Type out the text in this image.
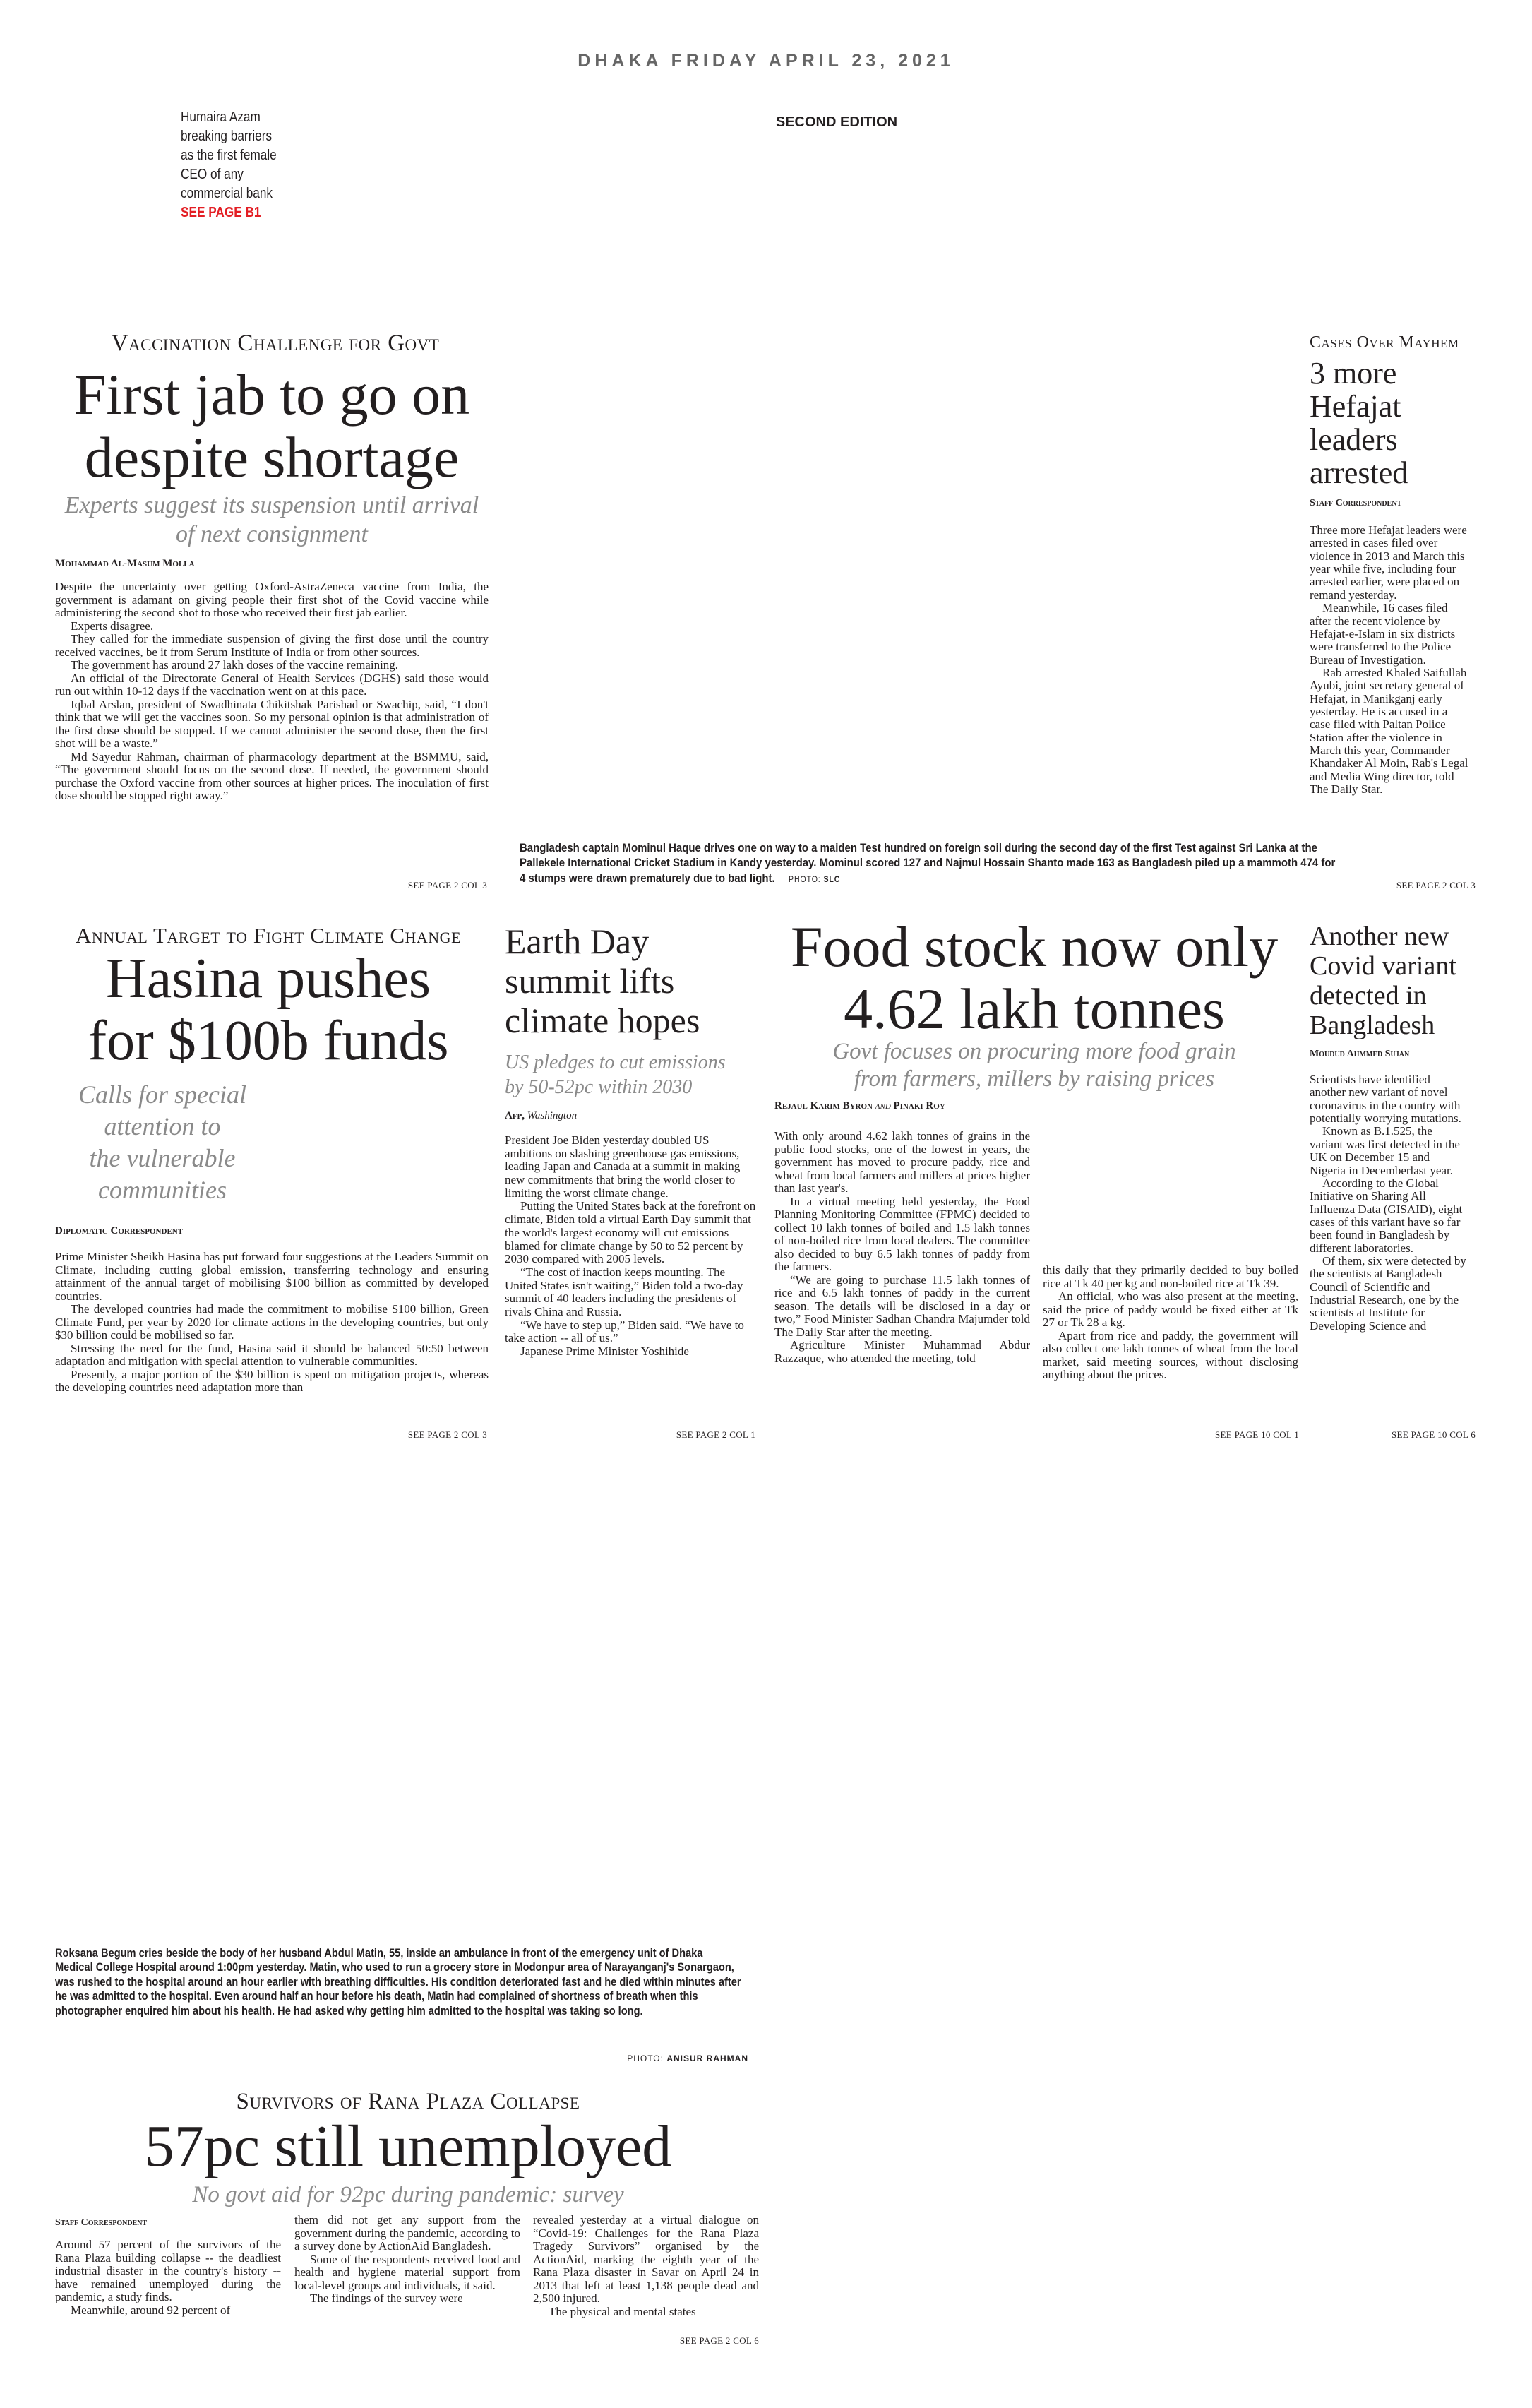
DHAKA FRIDAY APRIL 23, 2021
Humaira Azam
breaking barriers
as the first female
CEO of any
commercial bank
SEE PAGE B1
SECOND EDITION
Vaccination Challenge for Govt
First jab to go on
despite shortage
Experts suggest its suspension until arrival
of next consignment
Mohammad Al-Masum Molla

Despite the uncertainty over getting Oxford-AstraZeneca vaccine from India, the government is adamant on giving people their first shot of the Covid vaccine while administering the second shot to those who received their first jab earlier.

Experts disagree.

They called for the immediate suspension of giving the first dose until the country received vaccines, be it from Serum Institute of India or from other sources.

The government has around 27 lakh doses of the vaccine remaining.

An official of the Directorate General of Health Services (DGHS) said those would run out within 10-12 days if the vaccination went on at this pace.

Iqbal Arslan, president of Swadhinata Chikitshak Parishad or Swachip, said, “I don't think that we will get the vaccines soon. So my personal opinion is that administration of the first dose should be stopped. If we cannot administer the second dose, then the first shot will be a waste.”

Md Sayedur Rahman, chairman of pharmacology department at the BSMMU, said, “The government should focus on the second dose. If needed, the government should purchase the Oxford vaccine from other sources at higher prices. The inoculation of first dose should be stopped right away.”

SEE PAGE 2 COL 3
Bangladesh captain Mominul Haque drives one on way to a maiden Test hundred on foreign soil during the second day of the first Test against Sri Lanka at the Pallekele International Cricket Stadium in Kandy yesterday. Mominul scored 127 and Najmul Hossain Shanto made 163 as Bangladesh piled up a mammoth 474 for 4 stumps were drawn prematurely due to bad light. PHOTO: SLC
Cases Over Mayhem
3 more
Hefajat
leaders
arrested
Staff Correspondent

Three more Hefajat leaders were arrested in cases filed over violence in 2013 and March this year while five, including four arrested earlier, were placed on remand yesterday.

Meanwhile, 16 cases filed after the recent violence by Hefajat-e-Islam in six districts were transferred to the Police Bureau of Investigation.

Rab arrested Khaled Saifullah Ayubi, joint secretary general of Hefajat, in Manikganj early yesterday. He is accused in a case filed with Paltan Police Station after the violence in March this year, Commander Khandaker Al Moin, Rab's Legal and Media Wing director, told The Daily Star.

SEE PAGE 2 COL 3
Annual Target to Fight Climate Change
Hasina pushes
for $100b funds
Calls for special
attention to
the vulnerable
communities
Diplomatic Correspondent

Prime Minister Sheikh Hasina has put forward four suggestions at the Leaders Summit on Climate, including cutting global emission, transferring technology and ensuring attainment of the annual target of mobilising $100 billion as committed by developed countries.

The developed countries had made the commitment to mobilise $100 billion, Green Climate Fund, per year by 2020 for climate actions in the developing countries, but only $30 billion could be mobilised so far.

Stressing the need for the fund, Hasina said it should be balanced 50:50 between adaptation and mitigation with special attention to vulnerable communities.

Presently, a major portion of the $30 billion is spent on mitigation projects, whereas the developing countries need adaptation more than

SEE PAGE 2 COL 3
Earth Day
summit lifts
climate hopes
US pledges to cut emissions
by 50-52pc within 2030
Afp, Washington

President Joe Biden yesterday doubled US ambitions on slashing greenhouse gas emissions, leading Japan and Canada at a summit in making new commitments that bring the world closer to limiting the worst climate change.

Putting the United States back at the forefront on climate, Biden told a virtual Earth Day summit that the world's largest economy will cut emissions blamed for climate change by 50 to 52 percent by 2030 compared with 2005 levels.

“The cost of inaction keeps mounting. The United States isn't waiting,” Biden told a two-day summit of 40 leaders including the presidents of rivals China and Russia.

“We have to step up,” Biden said. “We have to take action -- all of us.”

Japanese Prime Minister Yoshihide

SEE PAGE 2 COL 1
Food stock now only
4.62 lakh tonnes
Govt focuses on procuring more food grain
from farmers, millers by raising prices
Rejaul Karim Byron and Pinaki Roy

With only around 4.62 lakh tonnes of grains in the public food stocks, one of the lowest in years, the government has moved to procure paddy, rice and wheat from local farmers and millers at prices higher than last year's.

In a virtual meeting held yesterday, the Food Planning Monitoring Committee (FPMC) decided to collect 10 lakh tonnes of boiled and 1.5 lakh tonnes of non-boiled rice from local dealers. The committee also decided to buy 6.5 lakh tonnes of paddy from the farmers.

“We are going to purchase 11.5 lakh tonnes of rice and 6.5 lakh tonnes of paddy in the current season. The details will be disclosed in a day or two,” Food Minister Sadhan Chandra Majumder told The Daily Star after the meeting.

Agriculture Minister Muhammad Abdur Razzaque, who attended the meeting, told

this daily that they primarily decided to buy boiled rice at Tk 40 per kg and non-boiled rice at Tk 39.

An official, who was also present at the meeting, said the price of paddy would be fixed either at Tk 27 or Tk 28 a kg.

Apart from rice and paddy, the government will also collect one lakh tonnes of wheat from the local market, said meeting sources, without disclosing anything about the prices.

SEE PAGE 10 COL 1
Another new
Covid variant
detected in
Bangladesh
Moudud Ahmmed Sujan

Scientists have identified another new variant of novel coronavirus in the country with potentially worrying mutations.

Known as B.1.525, the variant was first detected in the UK on December 15 and Nigeria in Decemberlast year.

According to the Global Initiative on Sharing All Influenza Data (GISAID), eight cases of this variant have so far been found in Bangladesh by different laboratories.

Of them, six were detected by the scientists at Bangladesh Council of Scientific and Industrial Research, one by the scientists at Institute for Developing Science and

SEE PAGE 10 COL 6
Roksana Begum cries beside the body of her husband Abdul Matin, 55, inside an ambulance in front of the emergency unit of Dhaka Medical College Hospital around 1:00pm yesterday. Matin, who used to run a grocery store in Modonpur area of Narayanganj's Sonargaon, was rushed to the hospital around an hour earlier with breathing difficulties. His condition deteriorated fast and he died within minutes after he was admitted to the hospital. Even around half an hour before his death, Matin had complained of shortness of breath when this photographer enquired him about his health. He had asked why getting him admitted to the hospital was taking so long.
PHOTO: ANISUR RAHMAN
Survivors of Rana Plaza Collapse
57pc still unemployed
No govt aid for 92pc during pandemic: survey
Staff Correspondent

Around 57 percent of the survivors of the Rana Plaza building collapse -- the deadliest industrial disaster in the country's history -- have remained unemployed during the pandemic, a study finds.

Meanwhile, around 92 percent of

them did not get any support from the government during the pandemic, according to a survey done by ActionAid Bangladesh.

Some of the respondents received food and health and hygiene material support from local-level groups and individuals, it said.

The findings of the survey were

revealed yesterday at a virtual dialogue on “Covid-19: Challenges for the Rana Plaza Tragedy Survivors” organised by the ActionAid, marking the eighth year of the Rana Plaza disaster in Savar on April 24 in 2013 that left at least 1,138 people dead and 2,500 injured.

The physical and mental states

SEE PAGE 2 COL 6
